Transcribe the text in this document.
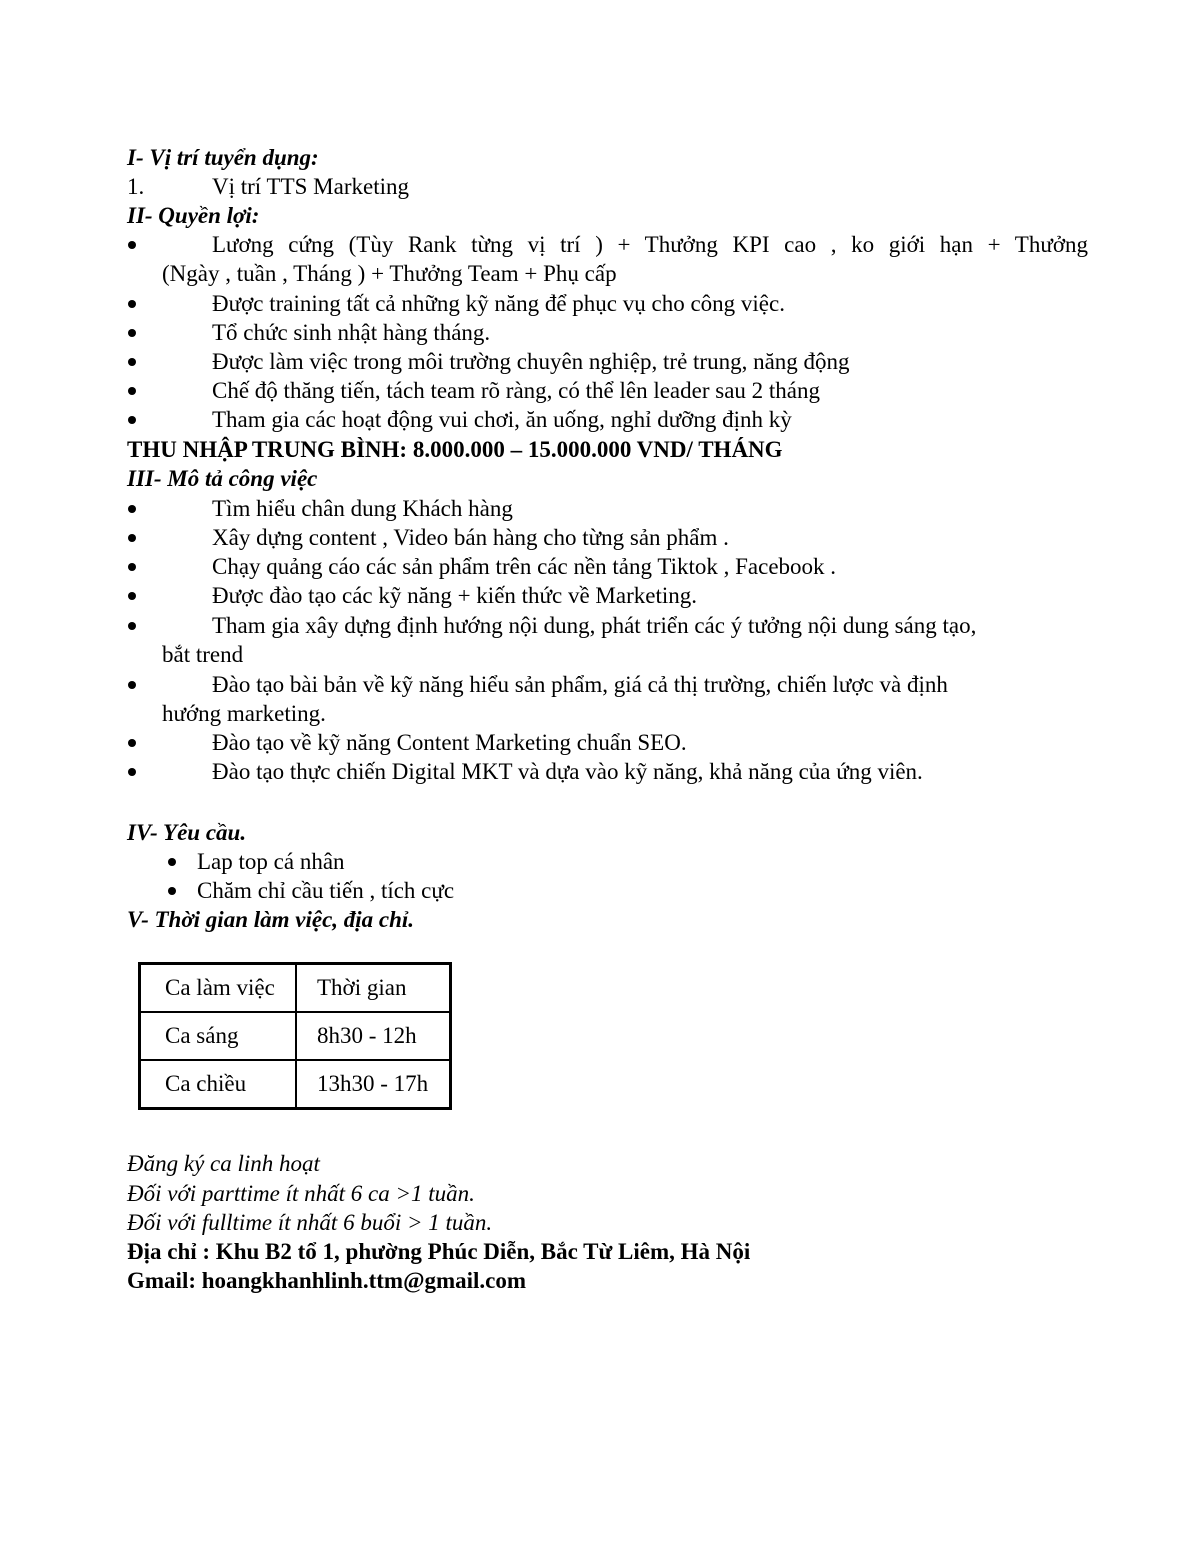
I- Vị trí tuyển dụng:
1.	Vị trí TTS Marketing
II- Quyền lợi:
Lương cứng (Tùy Rank từng vị trí ) + Thưởng KPI cao , ko giới hạn + Thưởng
(Ngày , tuần , Tháng ) + Thưởng Team + Phụ cấp
Được training tất cả những kỹ năng để phục vụ cho công việc.
Tổ chức sinh nhật hàng tháng.
Được làm việc trong môi trường chuyên nghiệp, trẻ trung, năng động
Chế độ thăng tiến, tách team rõ ràng, có thể lên leader sau 2 tháng
Tham gia các hoạt động vui chơi, ăn uống, nghỉ dưỡng định kỳ
THU NHẬP TRUNG BÌNH: 8.000.000 – 15.000.000 VND/ THÁNG
III- Mô tả công việc
Tìm hiểu chân dung Khách hàng
Xây dựng content , Video bán hàng cho từng sản phẩm .
Chạy quảng cáo các sản phẩm trên các nền tảng Tiktok , Facebook .
Được đào tạo các kỹ năng + kiến thức về Marketing.
Tham gia xây dựng định hướng nội dung, phát triển các ý tưởng nội dung sáng tạo,
bắt trend
Đào tạo bài bản về kỹ năng hiểu sản phẩm, giá cả thị trường, chiến lược và định
hướng marketing.
Đào tạo về kỹ năng Content Marketing chuẩn SEO.
Đào tạo thực chiến Digital MKT và dựa vào kỹ năng, khả năng của ứng viên.
IV- Yêu cầu.
Lap top cá nhân
Chăm chỉ cầu tiến , tích cực
V- Thời gian làm việc, địa chỉ.
Ca làm việc	Thời gian
Ca sáng	8h30 - 12h
Ca chiều	13h30 - 17h
Đăng ký ca linh hoạt
Đối với parttime ít nhất 6 ca >1 tuần.
Đối với fulltime ít nhất 6 buổi > 1 tuần.
Địa chỉ : Khu B2 tổ 1, phường Phúc Diễn, Bắc Từ Liêm, Hà Nội
Gmail: hoangkhanhlinh.ttm@gmail.com
